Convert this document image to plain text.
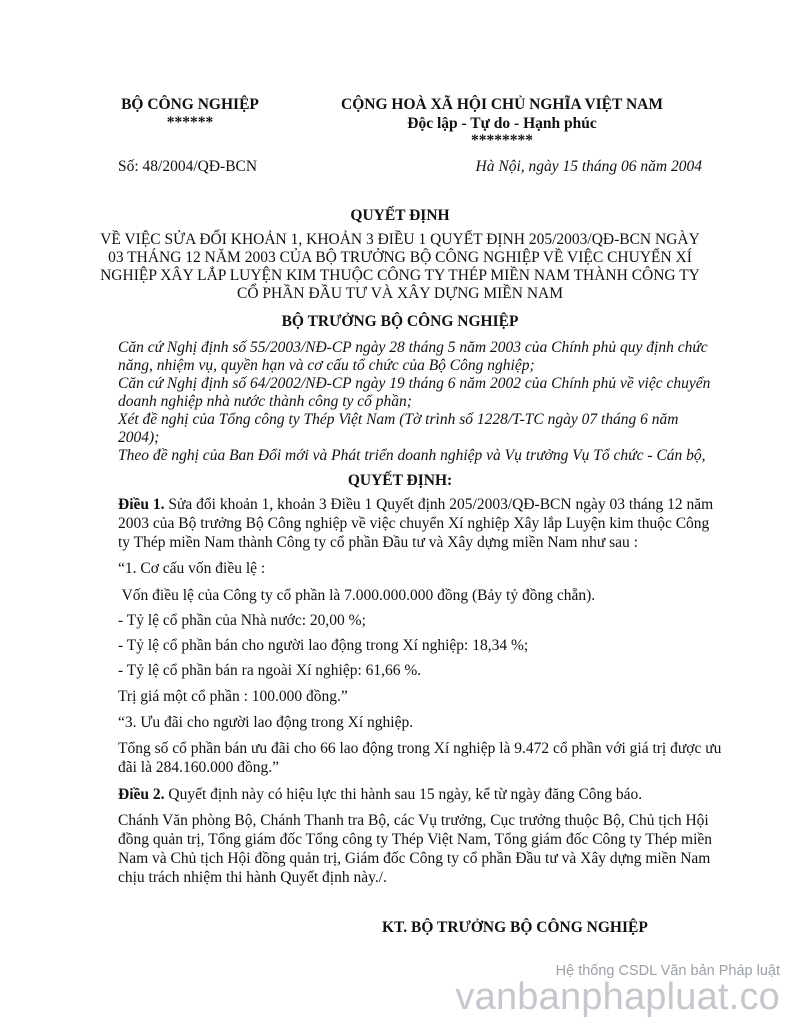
BỘ CÔNG NGHIỆP
******
CỘNG HOÀ XÃ HỘI CHỦ NGHĨA VIỆT NAM
Độc lập - Tự do - Hạnh phúc
********
Số: 48/2004/QĐ-BCN	Hà Nội, ngày 15 tháng 06 năm 2004
QUYẾT ĐỊNH
VỀ VIỆC SỬA ĐỔI KHOẢN 1, KHOẢN 3 ĐIỀU 1 QUYẾT ĐỊNH 205/2003/QĐ-BCN NGÀY
03 THÁNG 12 NĂM 2003 CỦA BỘ TRƯỞNG BỘ CÔNG NGHIỆP VỀ VIỆC CHUYỂN XÍ
NGHIỆP XÂY LẮP LUYỆN KIM THUỘC CÔNG TY THÉP MIỀN NAM THÀNH CÔNG TY
CỔ PHẦN ĐẦU TƯ VÀ XÂY DỰNG MIỀN NAM
BỘ TRƯỞNG BỘ CÔNG NGHIỆP
Căn cứ Nghị định số 55/2003/NĐ-CP ngày 28 tháng 5 năm 2003 của Chính phủ quy định chức
năng, nhiệm vụ, quyền hạn và cơ cấu tổ chức của Bộ Công nghiệp;
Căn cứ Nghị định số 64/2002/NĐ-CP ngày 19 tháng 6 năm 2002 của Chính phủ về việc chuyển
doanh nghiệp nhà nước thành công ty cổ phần;
Xét đề nghị của Tổng công ty Thép Việt Nam (Tờ trình số 1228/T-TC ngày 07 tháng 6 năm
2004);
Theo đề nghị của Ban Đổi mới và Phát triển doanh nghiệp và Vụ trưởng Vụ Tổ chức - Cán bộ,
QUYẾT ĐỊNH:
Điều 1. Sửa đổi khoản 1, khoản 3 Điều 1 Quyết định 205/2003/QĐ-BCN ngày 03 tháng 12 năm
2003 của Bộ trưởng Bộ Công nghiệp về việc chuyển Xí nghiệp Xây lắp Luyện kim thuộc Công
ty Thép miền Nam thành Công ty cổ phần Đầu tư và Xây dựng miền Nam như sau :
“1. Cơ cấu vốn điều lệ :
Vốn điều lệ của Công ty cổ phần là 7.000.000.000 đồng (Bảy tỷ đồng chẵn).
- Tỷ lệ cổ phần của Nhà nước: 20,00 %;
- Tỷ lệ cổ phần bán cho người lao động trong Xí nghiệp: 18,34 %;
- Tỷ lệ cổ phần bán ra ngoài Xí nghiệp: 61,66 %.
Trị giá một cổ phần : 100.000 đồng.”
“3. Ưu đãi cho người lao động trong Xí nghiệp.
Tổng số cổ phần bán ưu đãi cho 66 lao động trong Xí nghiệp là 9.472 cổ phần với giá trị được ưu
đãi là 284.160.000 đồng.”
Điều 2. Quyết định này có hiệu lực thi hành sau 15 ngày, kể từ ngày đăng Công báo.
Chánh Văn phòng Bộ, Chánh Thanh tra Bộ, các Vụ trưởng, Cục trưởng thuộc Bộ, Chủ tịch Hội
đồng quản trị, Tổng giám đốc Tổng công ty Thép Việt Nam, Tổng giám đốc Công ty Thép miền
Nam và Chủ tịch Hội đồng quản trị, Giám đốc Công ty cổ phần Đầu tư và Xây dựng miền Nam
chịu trách nhiệm thi hành Quyết định này./.
KT. BỘ TRƯỞNG BỘ CÔNG NGHIỆP
Hệ thống CSDL Văn bản Pháp luật
vanbanphapluat.co
